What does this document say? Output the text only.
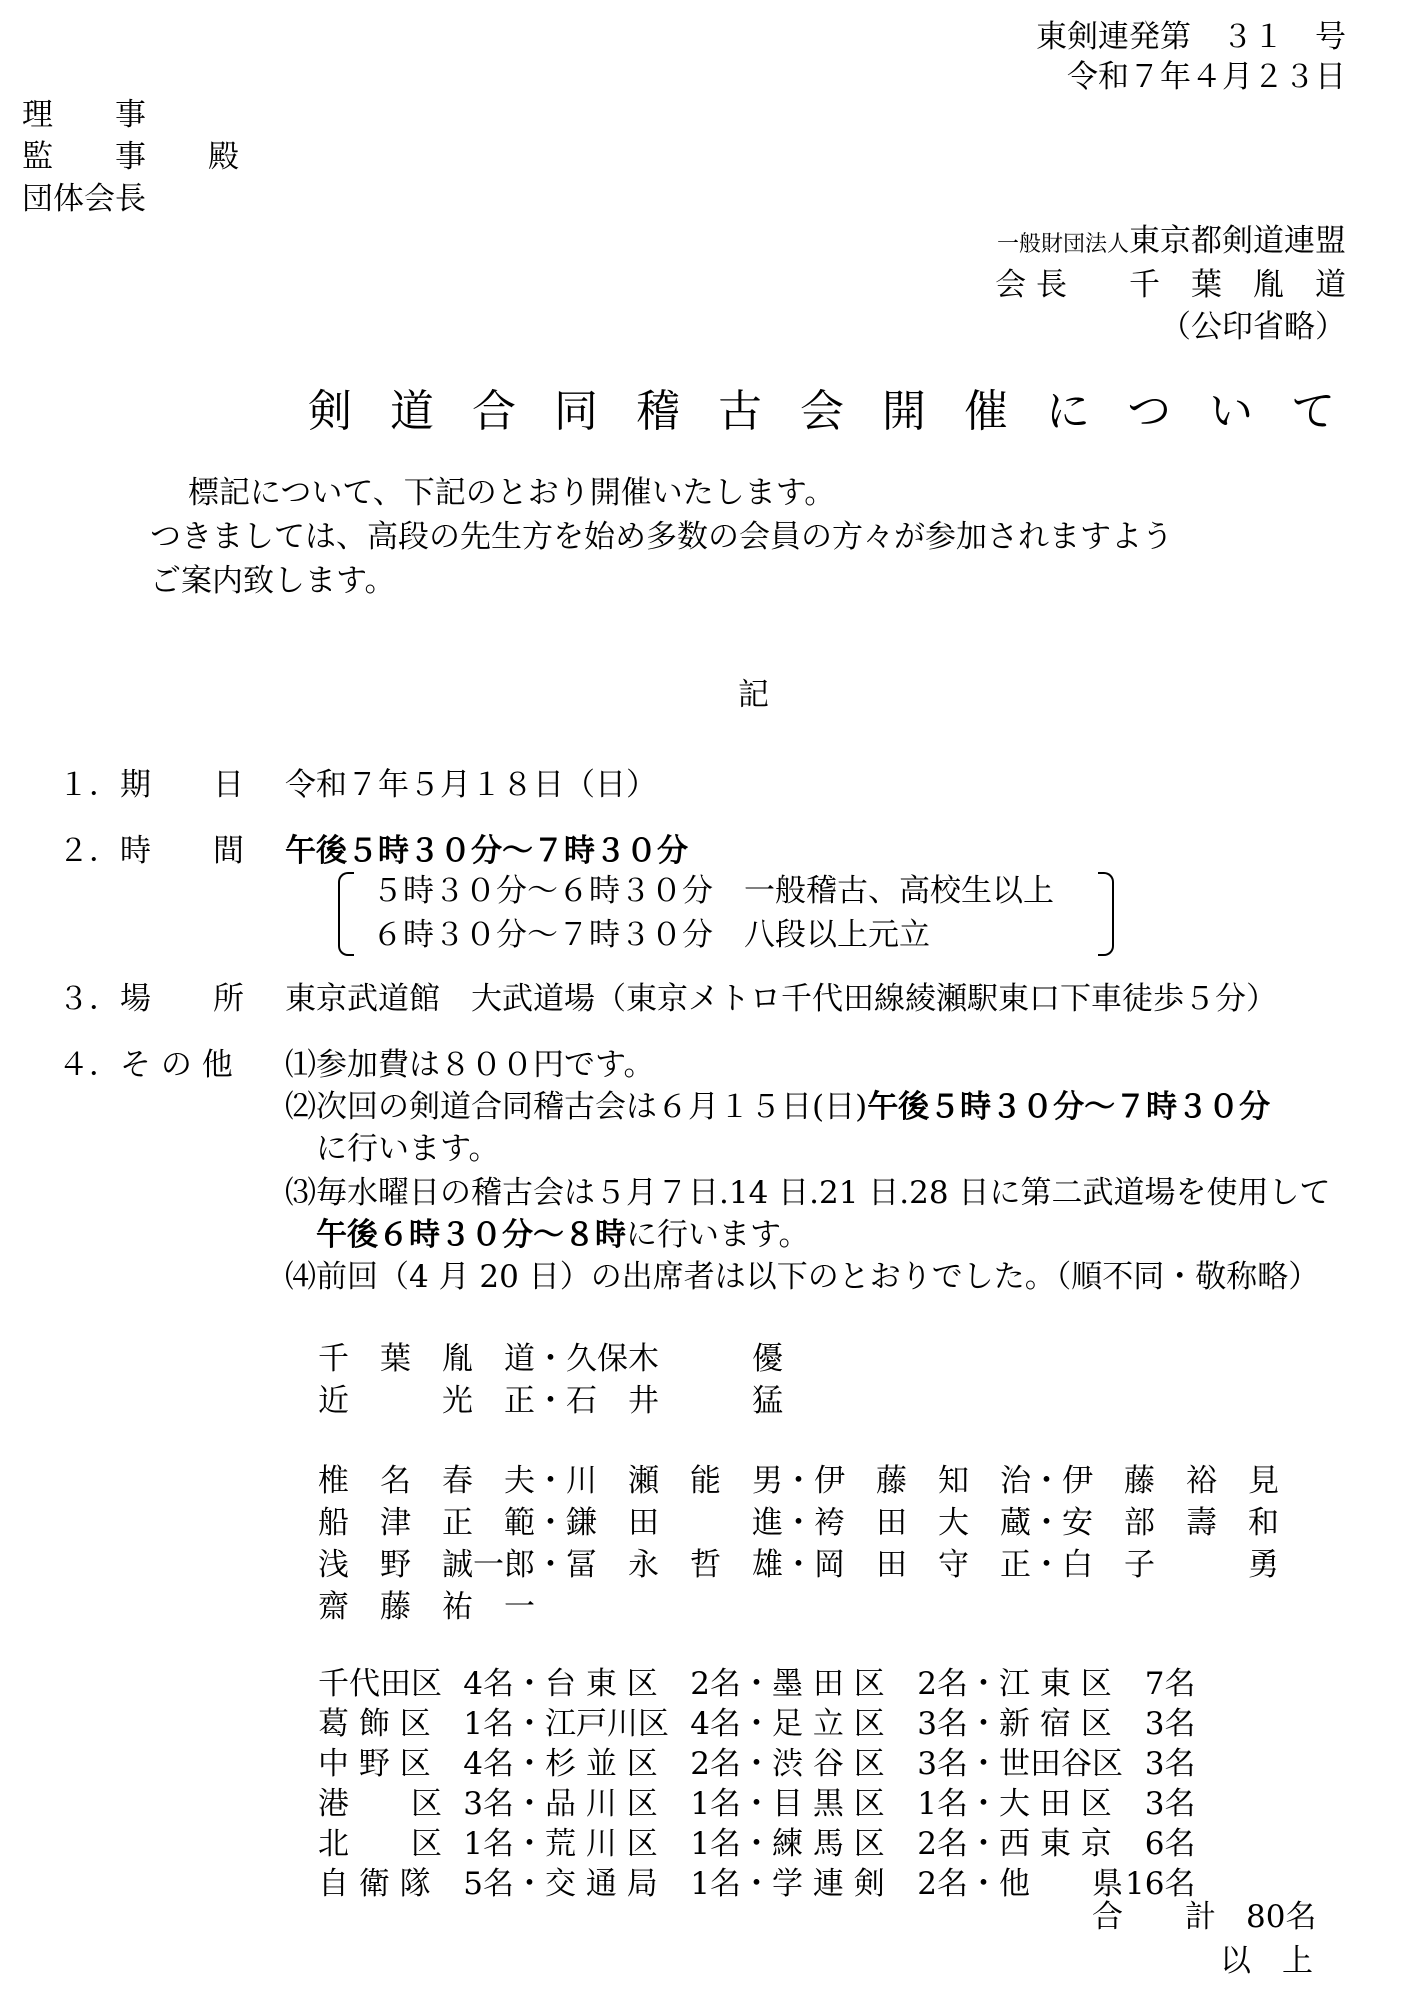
東剣連発第　３１　号
令和７年４月２３日
理　　事
監　　事　　殿
団体会長
一般財団法人東京都剣道連盟
会 長　　千　葉　胤　道
（公印省略）
剣道合同稽古会開催について
標記について、下記のとおり開催いたします。
つきましては、高段の先生方を始め多数の会員の方々が参加されますよう
ご案内致します。
記
１．期　　日 令和７年５月１８日（日）
２．時　　間 午後５時３０分～７時３０分
５時３０分～６時３０分　一般稽古、高校生以上
６時３０分～７時３０分　八段以上元立
３．場　　所 東京武道館　大武道場（東京メトロ千代田線綾瀬駅東口下車徒歩５分）
４．そ の 他 ⑴参加費は８００円です。
⑵次回の剣道合同稽古会は６月１５日(日)午後５時３０分～７時３０分
に行います。
⑶毎水曜日の稽古会は５月７日.14 日.21 日.28 日に第二武道場を使用して
午後６時３０分～８時に行います。
⑷前回（4 月 20 日）の出席者は以下のとおりでした。（順不同・敬称略）
千　葉　胤　道・久保木　　　優
近　　　光　正・石　井　　　猛
椎　名　春　夫・川　瀬　能　男・伊　藤　知　治・伊　藤　裕　見
船　津　正　範・鎌　田　　　進・袴　田　大　蔵・安　部　壽　和
浅　野　誠一郎・冨　永　哲　雄・岡　田　守　正・白　子　　　勇
齋　藤　祐　一
千代田区	4名	・	台 東 区	2名	・	墨 田 区	2名	・	江 東 区	7名
葛 飾 区	1名	・	江戸川区	4名	・	足 立 区	3名	・	新 宿 区	3名
中 野 区	4名	・	杉 並 区	2名	・	渋 谷 区	3名	・	世田谷区	3名
港　　区	3名	・	品 川 区	1名	・	目 黒 区	1名	・	大 田 区	3名
北　　区	1名	・	荒 川 区	1名	・	練 馬 区	2名	・	西 東 京	6名
自 衛 隊	5名	・	交 通 局	1名	・	学 連 剣	2名	・	他　　県	16名
合　　計 80名
以　上
